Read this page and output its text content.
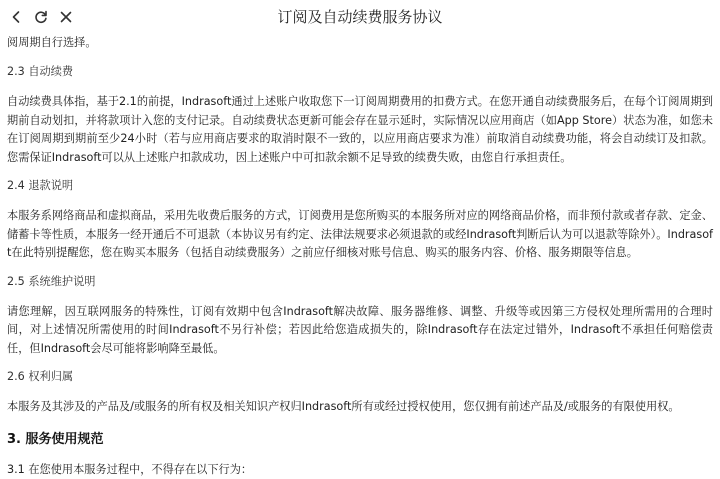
订阅及自动续费服务协议

阅周期自行选择。

2.3 自动续费

自动续费具体指，基于2.1的前提，Indrasoft通过上述账户收取您下一订阅周期费用的扣费方式。在您开通自动续费服务后，在每个订阅周期到期前自动划扣，并将款项计入您的支付记录。自动续费状态更新可能会存在显示延时，实际情况以应用商店（如App Store）状态为准，如您未在订阅周期到期前至少24小时（若与应用商店要求的取消时限不一致的，以应用商店要求为准）前取消自动续费功能，将会自动续订及扣款。您需保证Indrasoft可以从上述账户扣款成功，因上述账户中可扣款余额不足导致的续费失败，由您自行承担责任。

2.4 退款说明

本服务系网络商品和虚拟商品，采用先收费后服务的方式，订阅费用是您所购买的本服务所对应的网络商品价格，而非预付款或者存款、定金、储蓄卡等性质，本服务一经开通后不可退款（本协议另有约定、法律法规要求必须退款的或经Indrasoft判断后认为可以退款等除外）。Indrasoft在此特别提醒您，您在购买本服务（包括自动续费服务）之前应仔细核对账号信息、购买的服务内容、价格、服务期限等信息。

2.5 系统维护说明

请您理解，因互联网服务的特殊性，订阅有效期中包含Indrasoft解决故障、服务器维修、调整、升级等或因第三方侵权处理所需用的合理时间，对上述情况所需使用的时间Indrasoft不另行补偿；若因此给您造成损失的，除Indrasoft存在法定过错外，Indrasoft不承担任何赔偿责任，但Indrasoft会尽可能将影响降至最低。

2.6 权利归属

本服务及其涉及的产品及/或服务的所有权及相关知识产权归Indrasoft所有或经过授权使用，您仅拥有前述产品及/或服务的有限使用权。

3. 服务使用规范

3.1 在您使用本服务过程中，不得存在以下行为：
